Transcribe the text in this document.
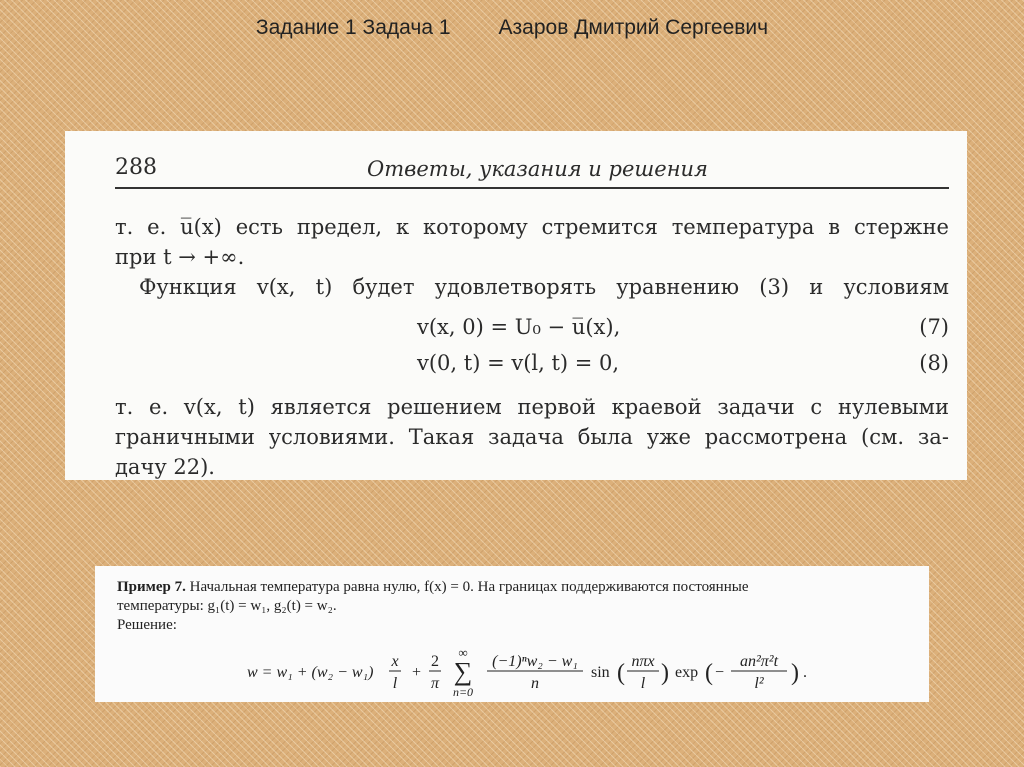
Задание 1 Задача 1 Азаров Дмитрий Сергеевич
288	Ответы, указания и решения
т. е. u̅(x) есть предел, к которому стремится температура в стержне
при t → +∞.
Функция v(x, t) будет удовлетворять уравнению (3) и условиям
v(x, 0) = U₀ − u̅(x),	(7)
v(0, t) = v(l, t) = 0,	(8)
т. е. v(x, t) является решением первой краевой задачи с нулевыми
граничными условиями. Такая задача была уже рассмотрена (см. за-
дачу 22).
Пример 7. Начальная температура равна нулю, f(x) = 0. На границах поддерживаются постоянные
температуры: g₁(t) = w₁, g₂(t) = w₂.
Решение:
w = w₁ + (w₂ − w₁)
x
l
+
2
π
∞
∑
n=0
(−1)ⁿw₂ − w₁
n
sin ( nπx
l ) exp ( −
an²π²t
l² ) .
